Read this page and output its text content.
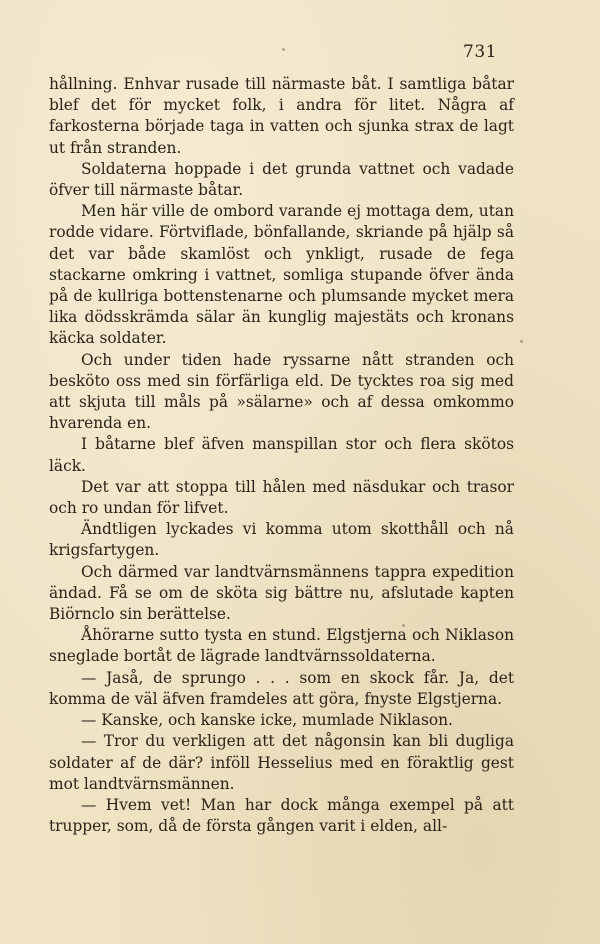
731

hållning. Enhvar rusade till närmaste båt. I samtliga båtar blef det för mycket folk, i andra för litet. Några af farkosterna började taga in vatten och sjunka strax de lagt ut från stranden.

Soldaterna hoppade i det grunda vattnet och vadade öfver till närmaste båtar.

Men här ville de ombord varande ej mottaga dem, utan rodde vidare. Förtviflade, bönfallande, skriande på hjälp så det var både skamlöst och ynkligt, rusade de fega stackarne omkring i vattnet, somliga stupande öfver ända på de kullriga bottenstenarne och plumsande mycket mera lika dödsskrämda sälar än kunglig majestäts och kronans käcka soldater.

Och under tiden hade ryssarne nått stranden och besköto oss med sin förfärliga eld. De tycktes roa sig med att skjuta till måls på »sälarne» och af dessa omkommo hvarenda en.

I båtarne blef äfven manspillan stor och flera skötos läck.

Det var att stoppa till hålen med näsdukar och trasor och ro undan för lifvet.

Ändtligen lyckades vi komma utom skotthåll och nå krigsfartygen.

Och därmed var landtvärnsmännens tappra expedition ändad. Få se om de sköta sig bättre nu, afslutade kapten Biörnclo sin berättelse.

Åhörarne sutto tysta en stund. Elgstjerna och Niklason sneglade bortåt de lägrade landtvärnssoldaterna.

— Jaså, de sprungo . . . som en skock får. Ja, det komma de väl äfven framdeles att göra, fnyste Elgstjerna.

— Kanske, och kanske icke, mumlade Niklason.

— Tror du verkligen att det någonsin kan bli dugliga soldater af de där? inföll Hesselius med en föraktlig gest mot landtvärnsmännen.

— Hvem vet! Man har dock många exempel på att trupper, som, då de första gången varit i elden, all-
